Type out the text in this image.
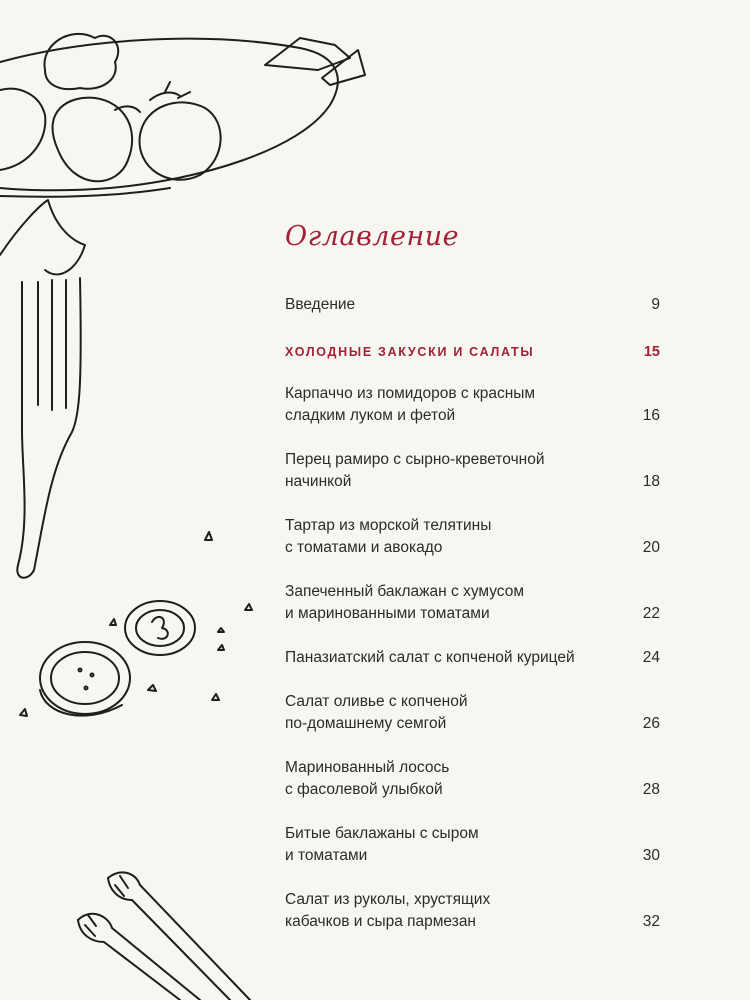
Оглавление
Введение	9
ХОЛОДНЫЕ ЗАКУСКИ И САЛАТЫ	15
Карпаччо из помидоров с красным
сладким луком и фетой	16
Перец рамиро с сырно-креветочной
начинкой	18
Тартар из морской телятины
с томатами и авокадо	20
Запеченный баклажан с хумусом
и маринованными томатами	22
Паназиатский салат с копченой курицей	24
Салат оливье с копченой
по-домашнему семгой	26
Маринованный лосось
с фасолевой улыбкой	28
Битые баклажаны с сыром
и томатами	30
Салат из руколы, хрустящих
кабачков и сыра пармезан	32
